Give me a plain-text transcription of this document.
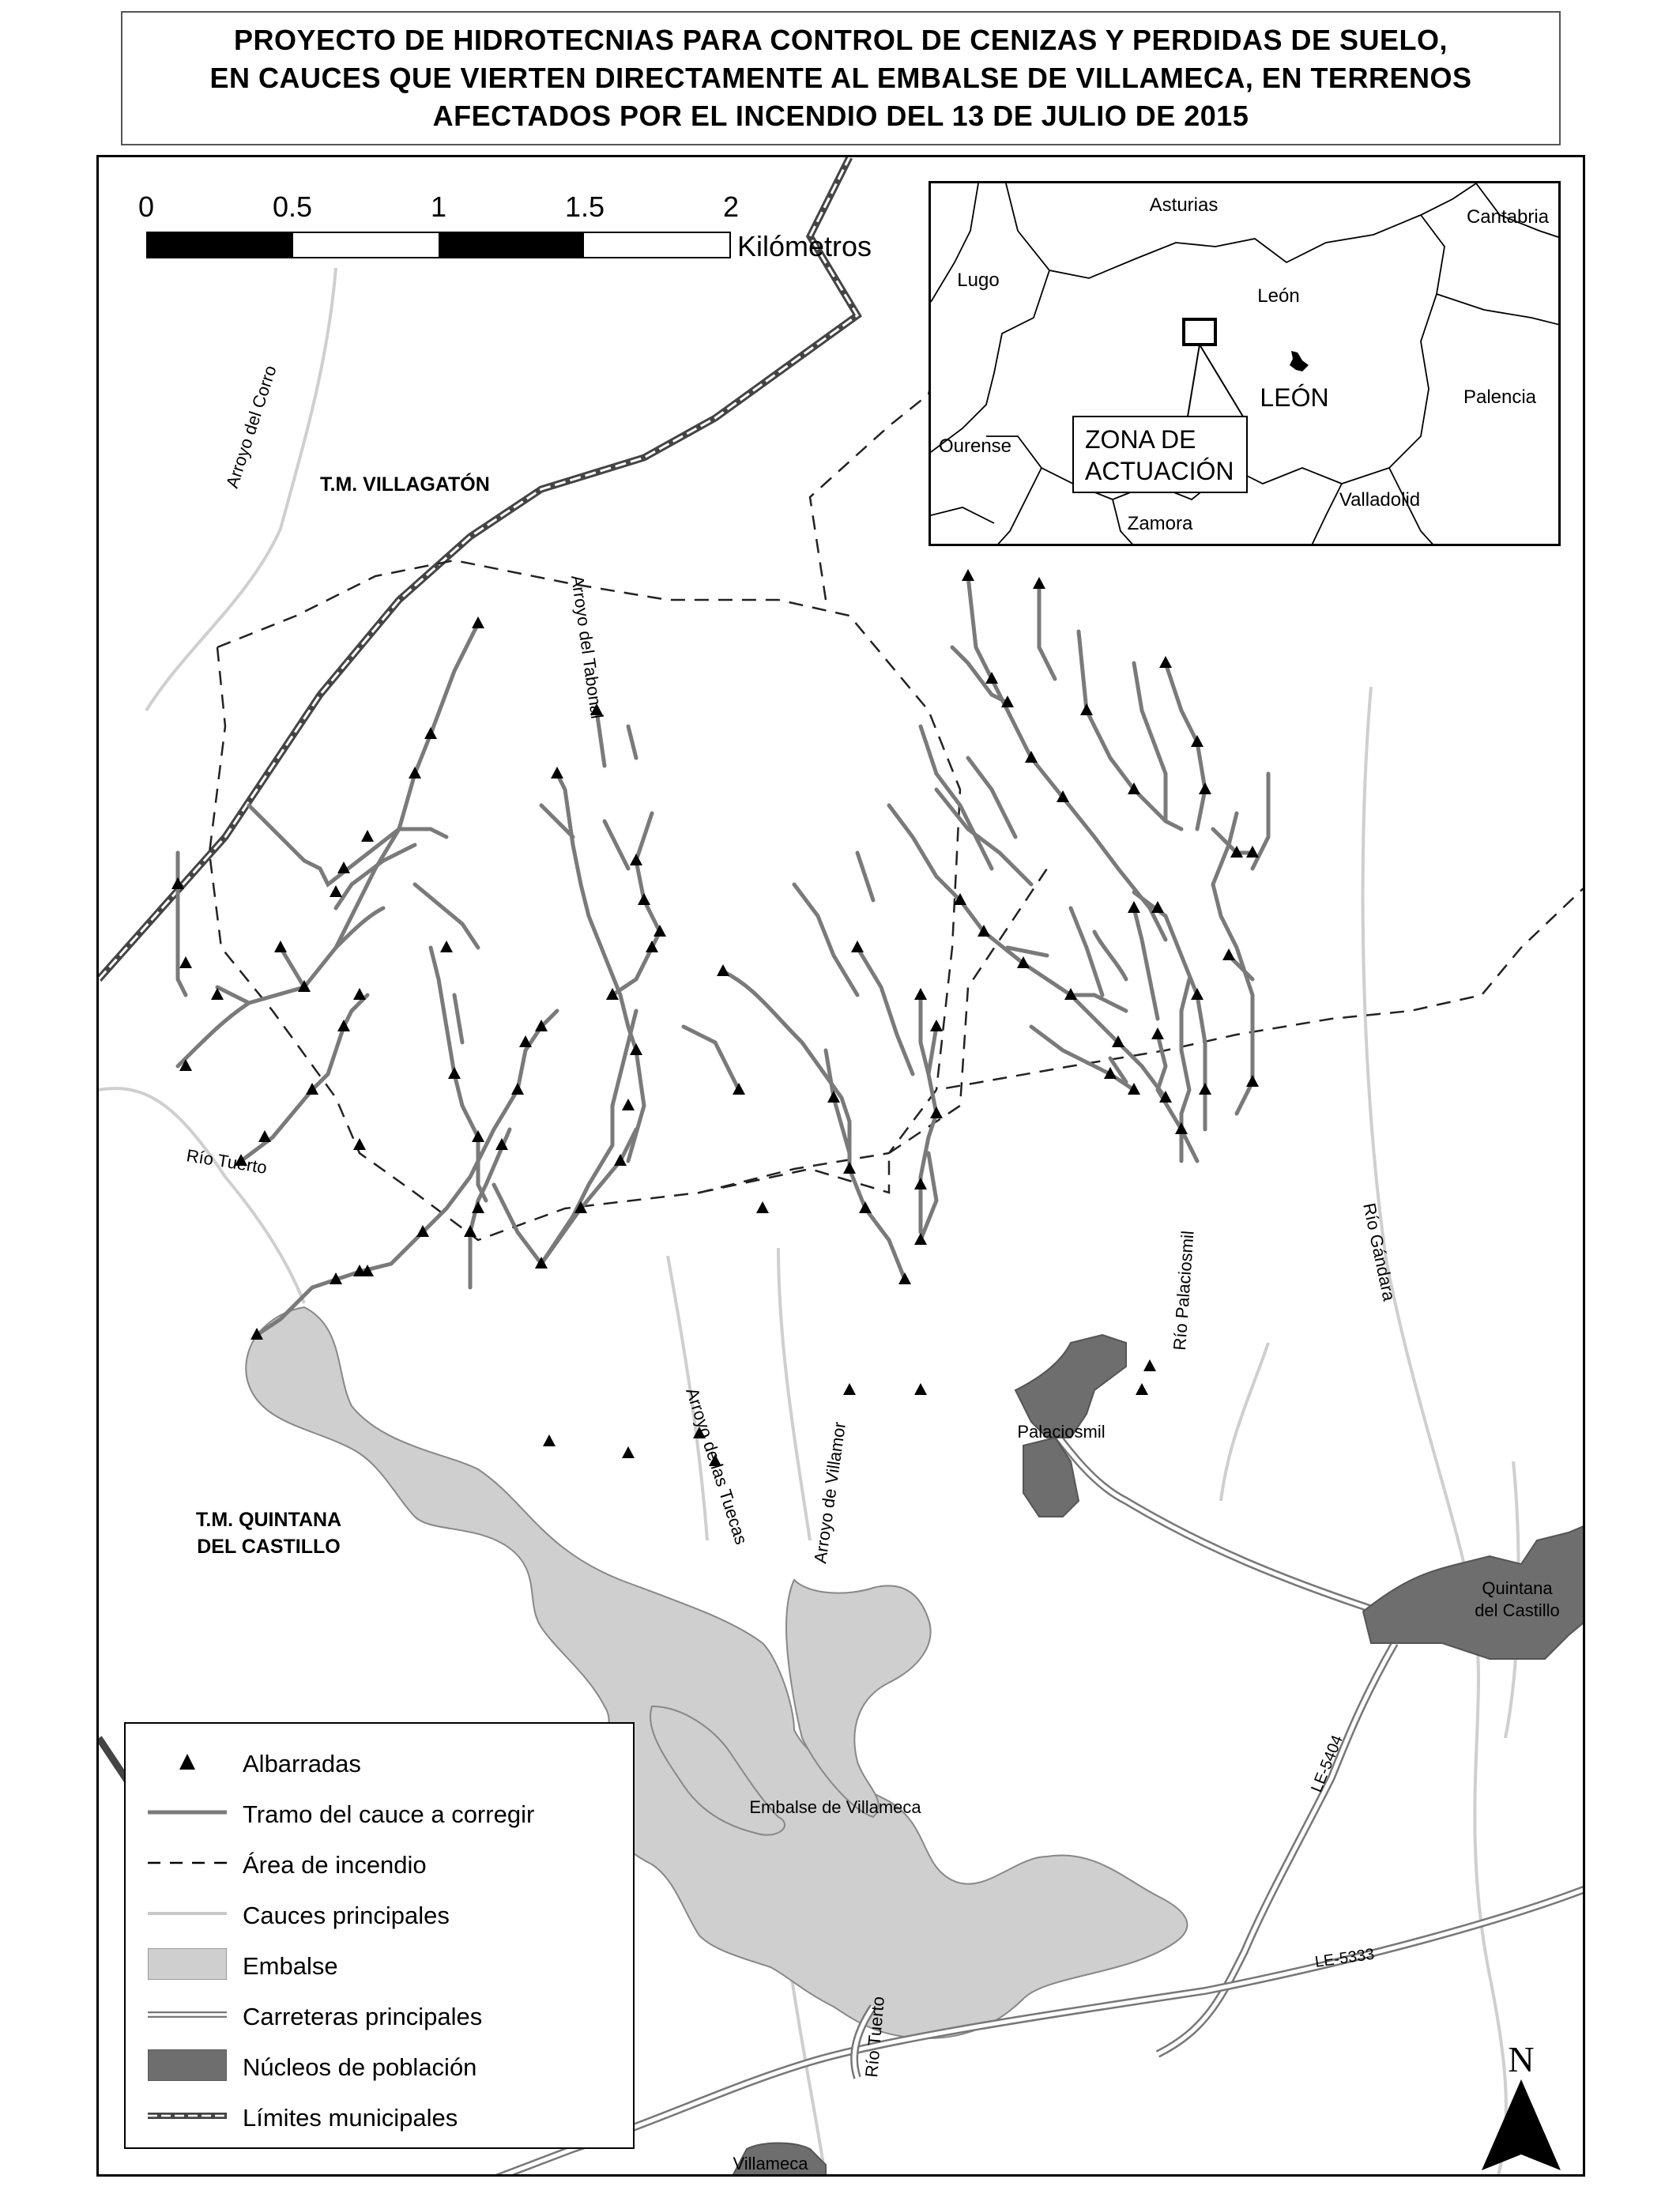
PROYECTO DE HIDROTECNIAS PARA CONTROL DE CENIZAS Y PERDIDAS DE SUELO,
EN CAUCES QUE VIERTEN DIRECTAMENTE AL EMBALSE DE VILLAMECA, EN TERRENOS
AFECTADOS POR EL INCENDIO DEL 13 DE JULIO DE 2015
T.M. VILLAGATÓN
T.M. QUINTANA
DEL CASTILLO
Arroyo del Corro
Arroyo del Tabonal
Río Tuerto
Río Tuerto
Arroyo de las Tuecas	Arroyo de Villamor
Río Palaciosmil	Río Gándara
Palaciosmil
Quintana
del Castillo
Embalse de Villameca
Villameca
LE-5404
LE-5333
0	0.5	1	1.5	2
Kilómetros
Asturias
Cantabria
Lugo
León
Palencia
Ourense
Zamora
Valladolid
LEÓN
ZONA DE
ACTUACIÓN
Albarradas
Tramo del cauce a corregir
Área de incendio
Cauces principales
Embalse
Carreteras principales
Núcleos de población
Límites municipales
N
